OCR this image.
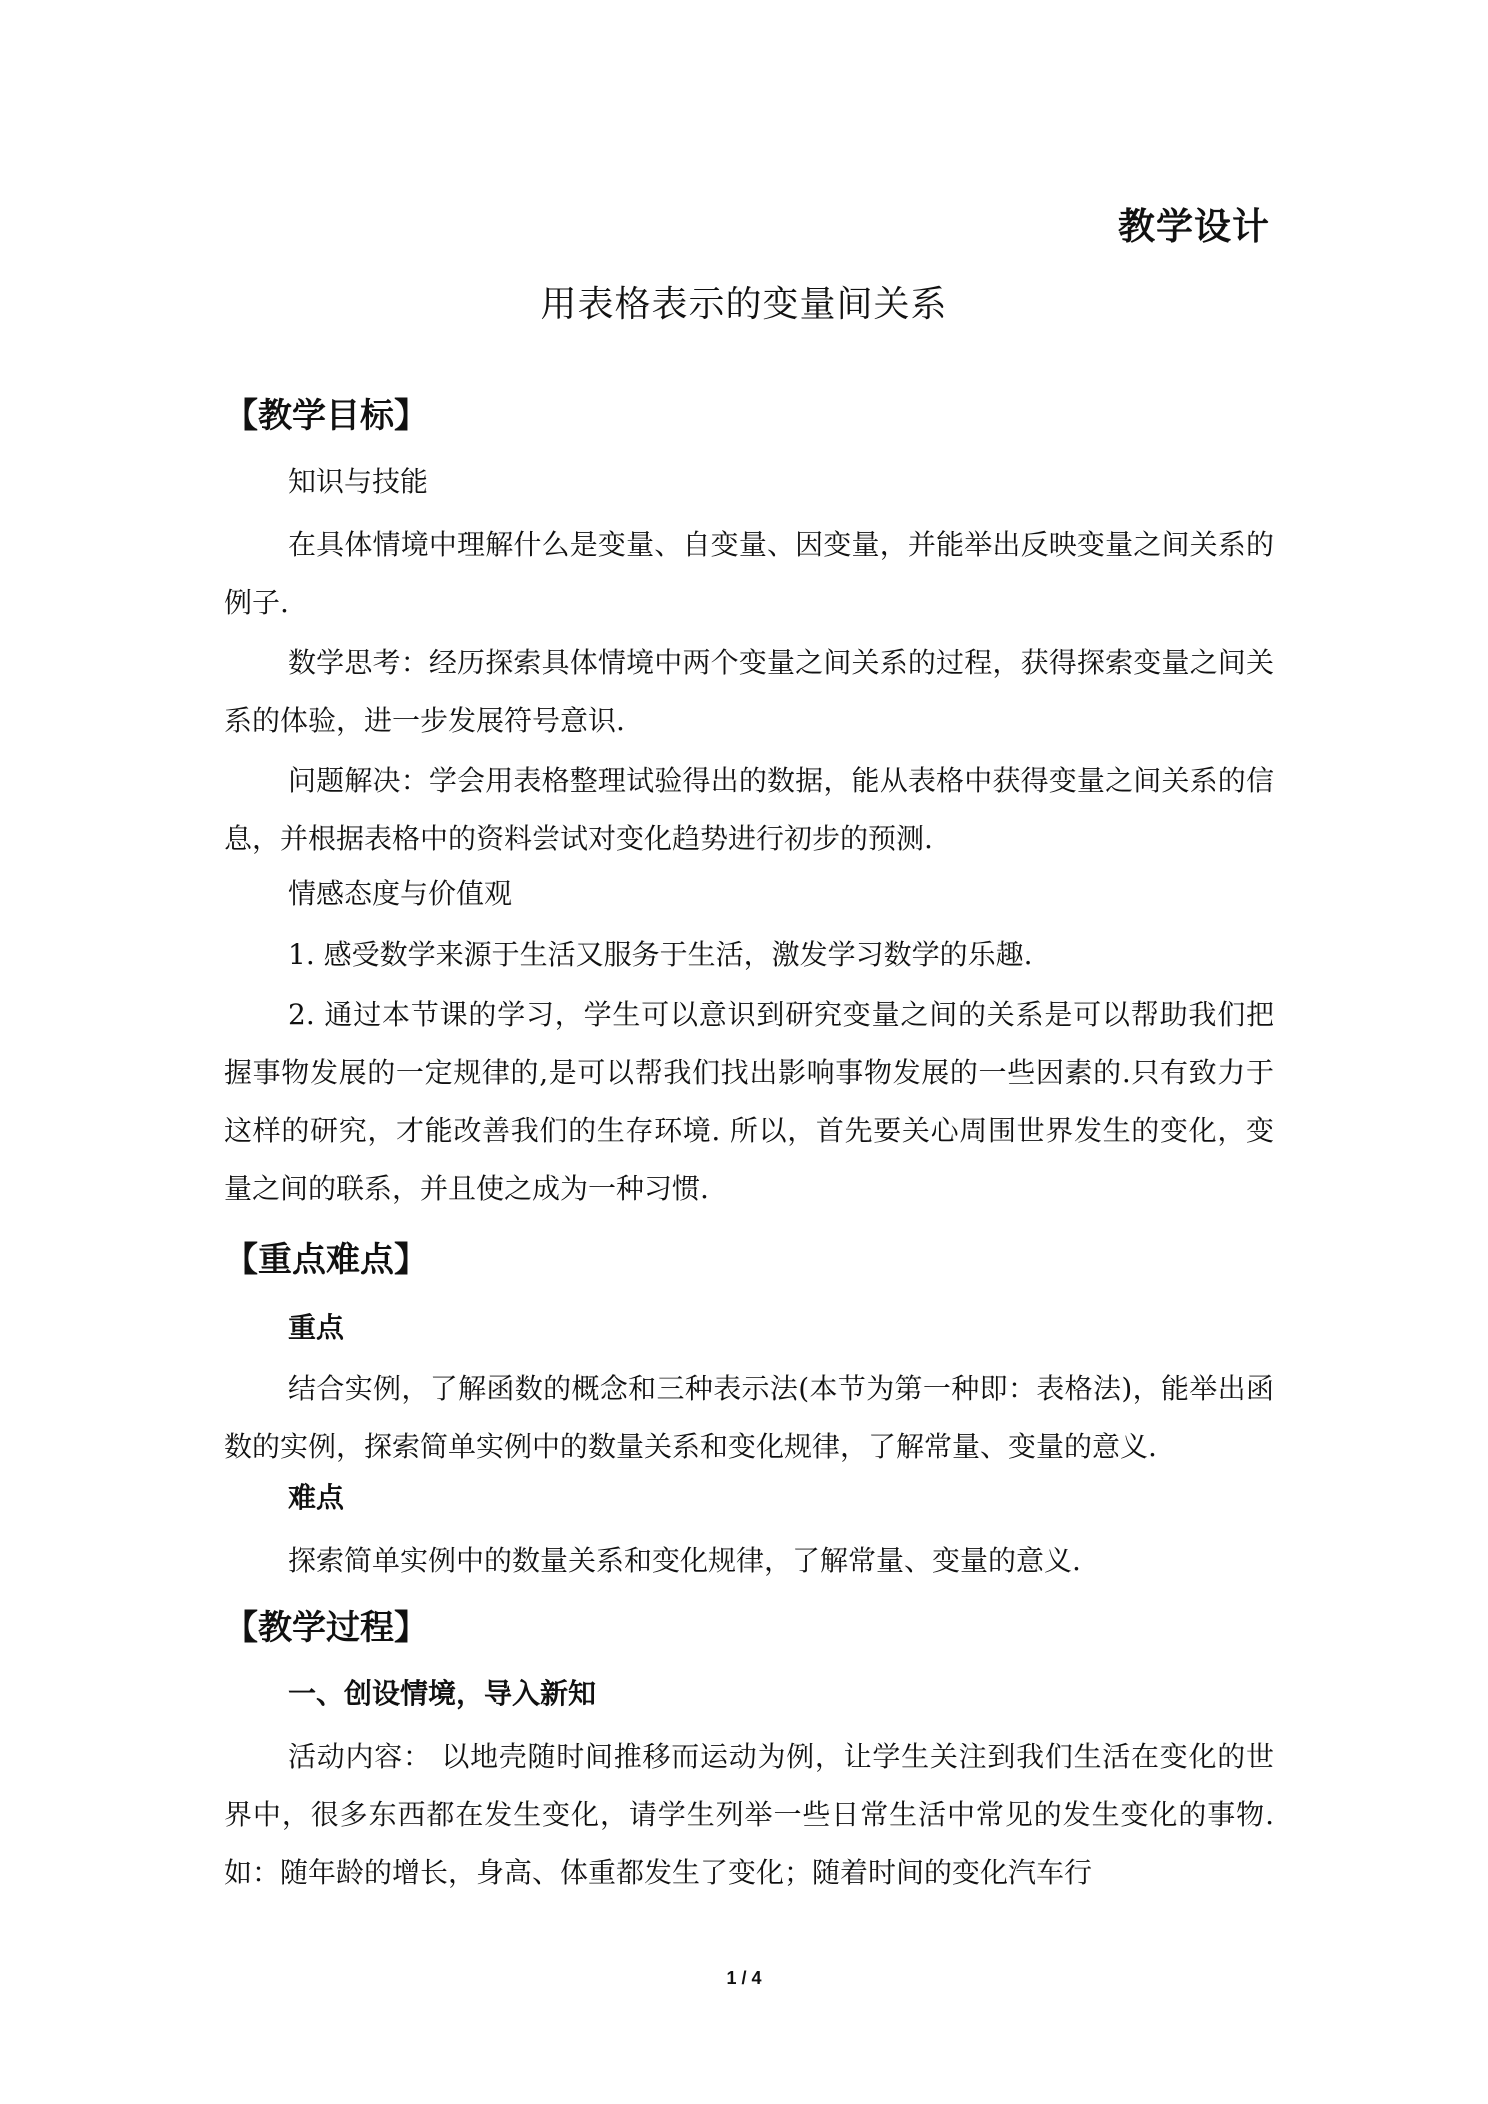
教学设计
用表格表示的变量间关系
【教学目标】
知识与技能

在具体情境中理解什么是变量、自变量、因变量，并能举出反映变量之间关系的例子.

数学思考：经历探索具体情境中两个变量之间关系的过程，获得探索变量之间关系的体验，进一步发展符号意识.

问题解决：学会用表格整理试验得出的数据，能从表格中获得变量之间关系的信息，并根据表格中的资料尝试对变化趋势进行初步的预测.

情感态度与价值观

1. 感受数学来源于生活又服务于生活，激发学习数学的乐趣.

2. 通过本节课的学习，学生可以意识到研究变量之间的关系是可以帮助我们把握事物发展的一定规律的,是可以帮我们找出影响事物发展的一些因素的.只有致力于这样的研究，才能改善我们的生存环境. 所以，首先要关心周围世界发生的变化，变量之间的联系，并且使之成为一种习惯.

【重点难点】
重点

结合实例，了解函数的概念和三种表示法(本节为第一种即：表格法)，能举出函数的实例，探索简单实例中的数量关系和变化规律，了解常量、变量的意义.

难点

探索简单实例中的数量关系和变化规律，了解常量、变量的意义.

【教学过程】
一、创设情境，导入新知

活动内容： 以地壳随时间推移而运动为例，让学生关注到我们生活在变化的世界中，很多东西都在发生变化，请学生列举一些日常生活中常见的发生变化的事物. 如：随年龄的增长，身高、体重都发生了变化；随着时间的变化汽车行

1 / 4
